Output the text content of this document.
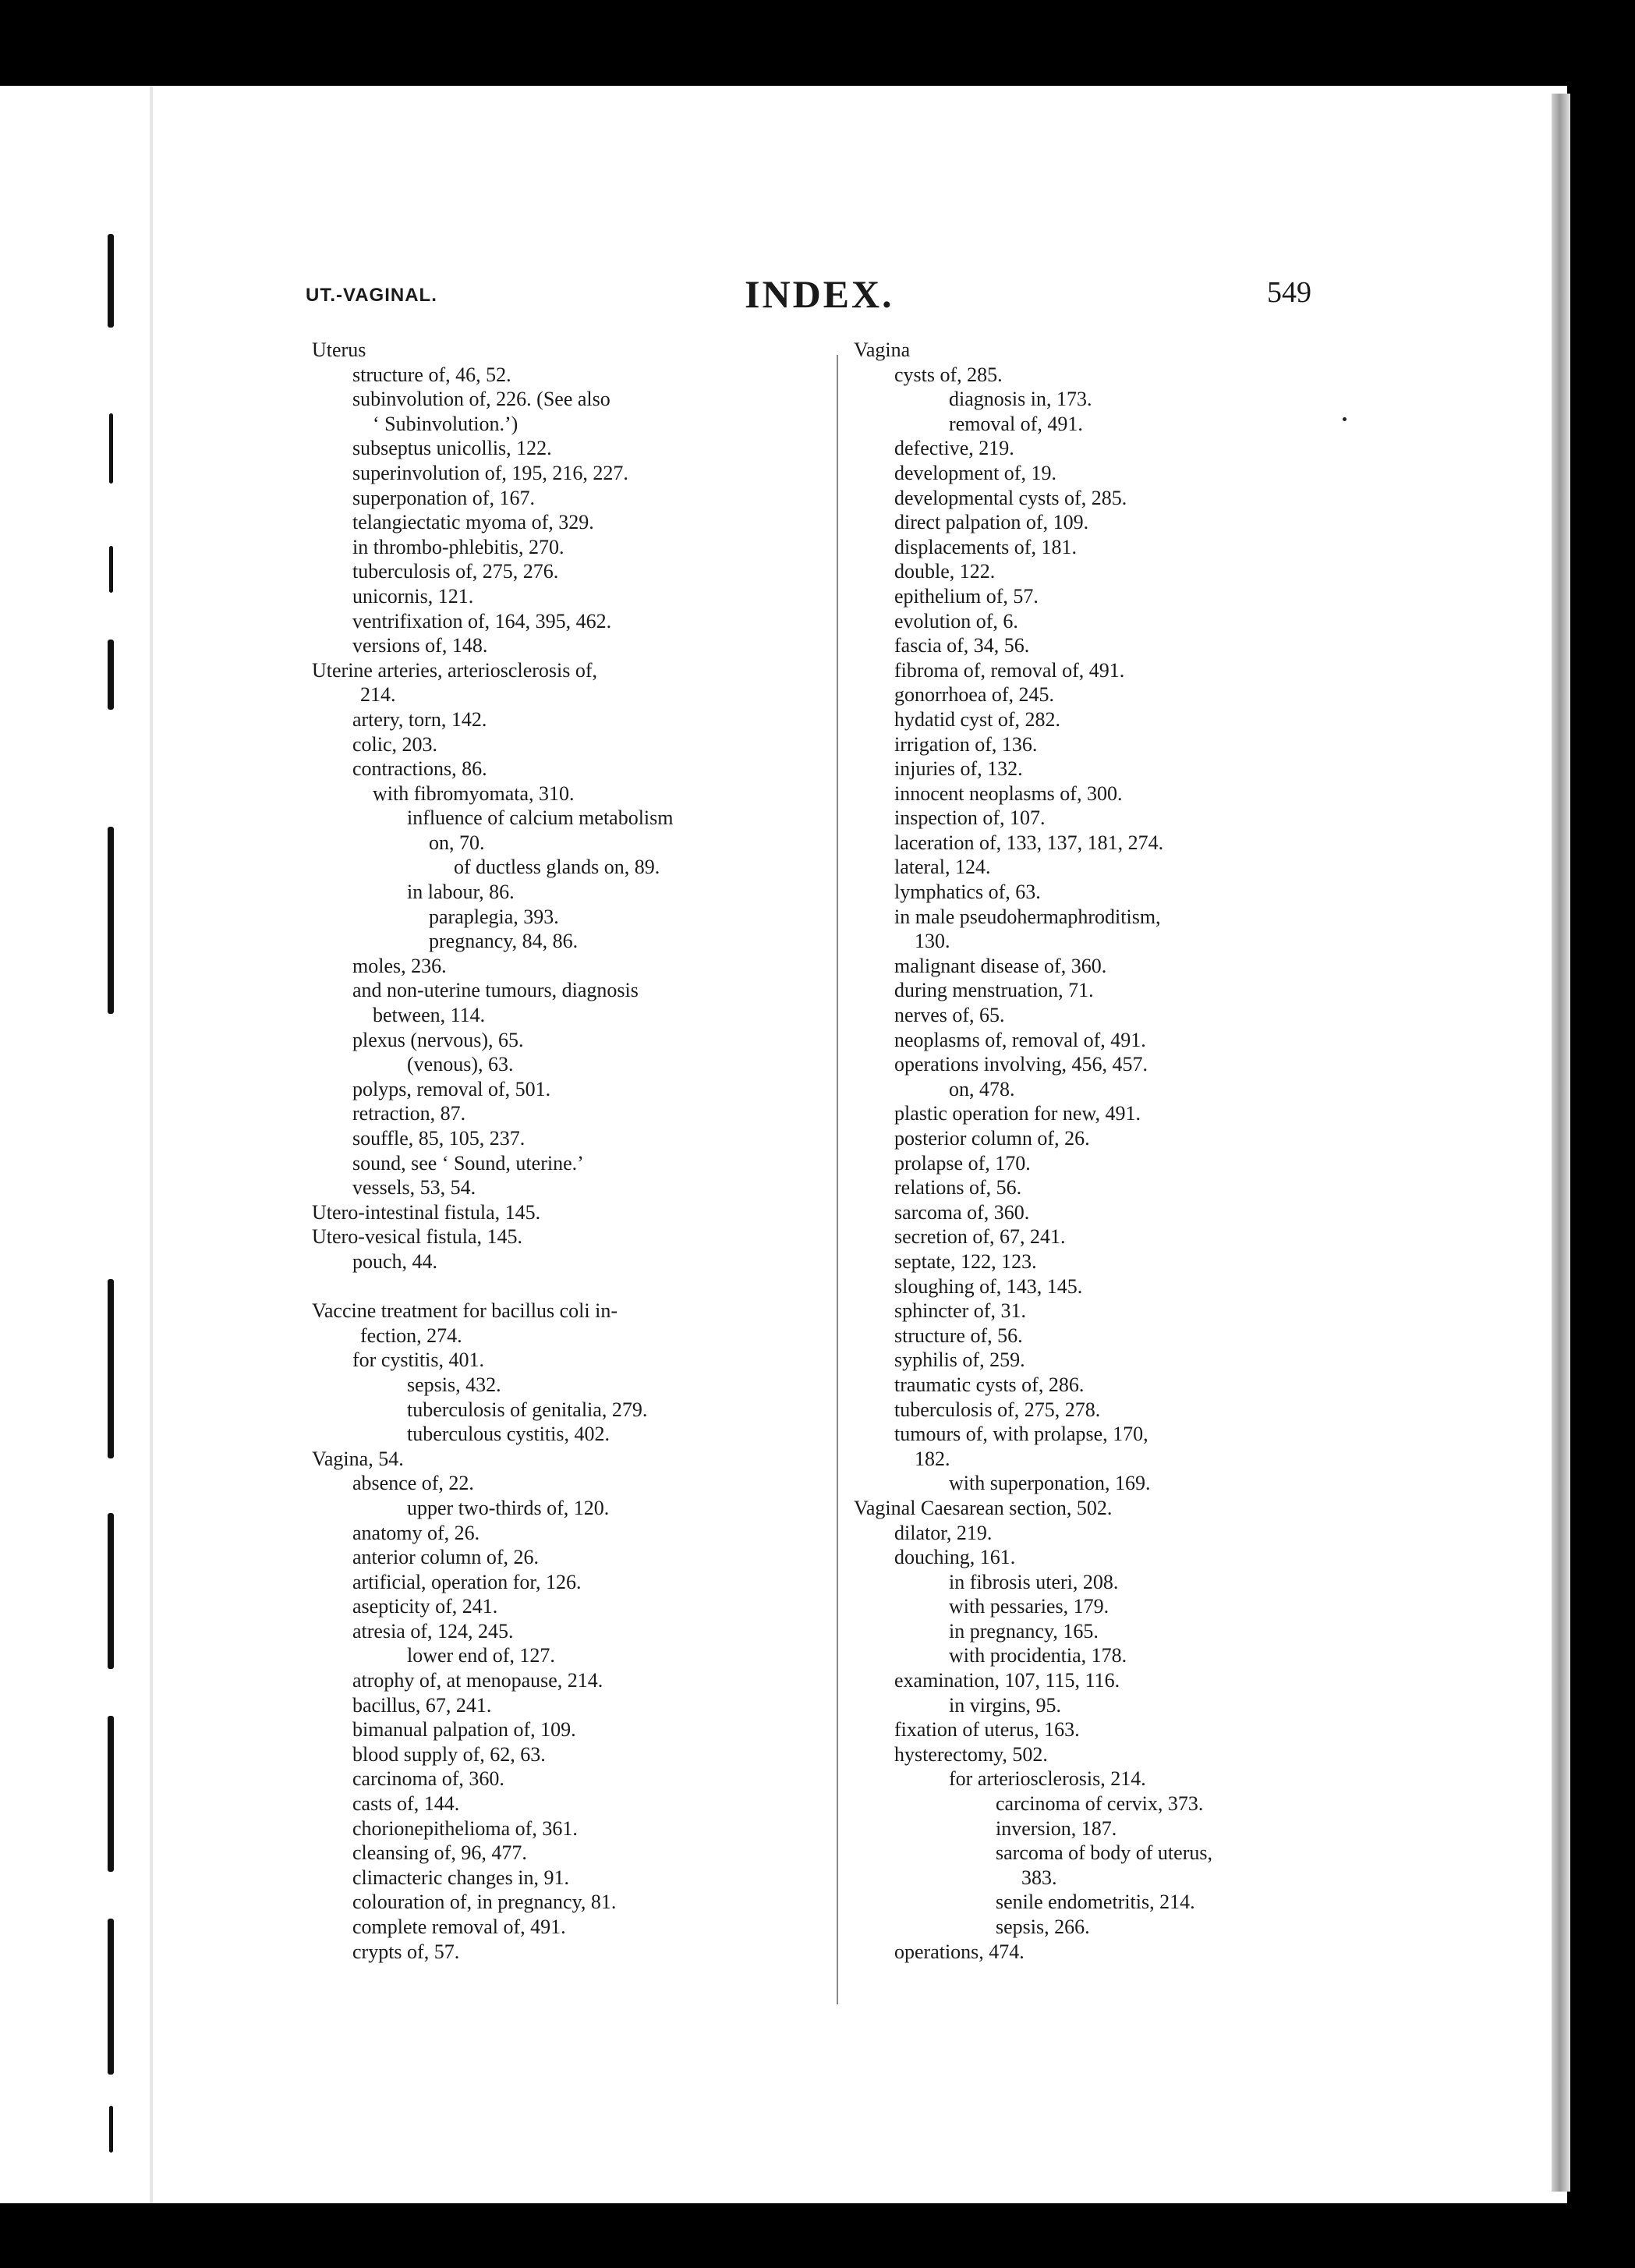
UT.-VAGINAL.	INDEX.	549
Uterus
structure of, 46, 52.
subinvolution of, 226. (See also
‘ Subinvolution.’)
subseptus unicollis, 122.
superinvolution of, 195, 216, 227.
superponation of, 167.
telangiectatic myoma of, 329.
in thrombo-phlebitis, 270.
tuberculosis of, 275, 276.
unicornis, 121.
ventrifixation of, 164, 395, 462.
versions of, 148.
Uterine arteries, arteriosclerosis of,
214.
artery, torn, 142.
colic, 203.
contractions, 86.
with fibromyomata, 310.
influence of calcium metabolism
on, 70.
of ductless glands on, 89.
in labour, 86.
paraplegia, 393.
pregnancy, 84, 86.
moles, 236.
and non-uterine tumours, diagnosis
between, 114.
plexus (nervous), 65.
(venous), 63.
polyps, removal of, 501.
retraction, 87.
souffle, 85, 105, 237.
sound, see ‘ Sound, uterine.’
vessels, 53, 54.
Utero-intestinal fistula, 145.
Utero-vesical fistula, 145.
pouch, 44.

Vaccine treatment for bacillus coli in-
fection, 274.
for cystitis, 401.
sepsis, 432.
tuberculosis of genitalia, 279.
tuberculous cystitis, 402.
Vagina, 54.
absence of, 22.
upper two-thirds of, 120.
anatomy of, 26.
anterior column of, 26.
artificial, operation for, 126.
asepticity of, 241.
atresia of, 124, 245.
lower end of, 127.
atrophy of, at menopause, 214.
bacillus, 67, 241.
bimanual palpation of, 109.
blood supply of, 62, 63.
carcinoma of, 360.
casts of, 144.
chorionepithelioma of, 361.
cleansing of, 96, 477.
climacteric changes in, 91.
colouration of, in pregnancy, 81.
complete removal of, 491.
crypts of, 57.
Vagina
cysts of, 285.
diagnosis in, 173.
removal of, 491.
defective, 219.
development of, 19.
developmental cysts of, 285.
direct palpation of, 109.
displacements of, 181.
double, 122.
epithelium of, 57.
evolution of, 6.
fascia of, 34, 56.
fibroma of, removal of, 491.
gonorrhoea of, 245.
hydatid cyst of, 282.
irrigation of, 136.
injuries of, 132.
innocent neoplasms of, 300.
inspection of, 107.
laceration of, 133, 137, 181, 274.
lateral, 124.
lymphatics of, 63.
in male pseudohermaphroditism,
130.
malignant disease of, 360.
during menstruation, 71.
nerves of, 65.
neoplasms of, removal of, 491.
operations involving, 456, 457.
on, 478.
plastic operation for new, 491.
posterior column of, 26.
prolapse of, 170.
relations of, 56.
sarcoma of, 360.
secretion of, 67, 241.
septate, 122, 123.
sloughing of, 143, 145.
sphincter of, 31.
structure of, 56.
syphilis of, 259.
traumatic cysts of, 286.
tuberculosis of, 275, 278.
tumours of, with prolapse, 170,
182.
with superponation, 169.
Vaginal Caesarean section, 502.
dilator, 219.
douching, 161.
in fibrosis uteri, 208.
with pessaries, 179.
in pregnancy, 165.
with procidentia, 178.
examination, 107, 115, 116.
in virgins, 95.
fixation of uterus, 163.
hysterectomy, 502.
for arteriosclerosis, 214.
carcinoma of cervix, 373.
inversion, 187.
sarcoma of body of uterus,
383.
senile endometritis, 214.
sepsis, 266.
operations, 474.
